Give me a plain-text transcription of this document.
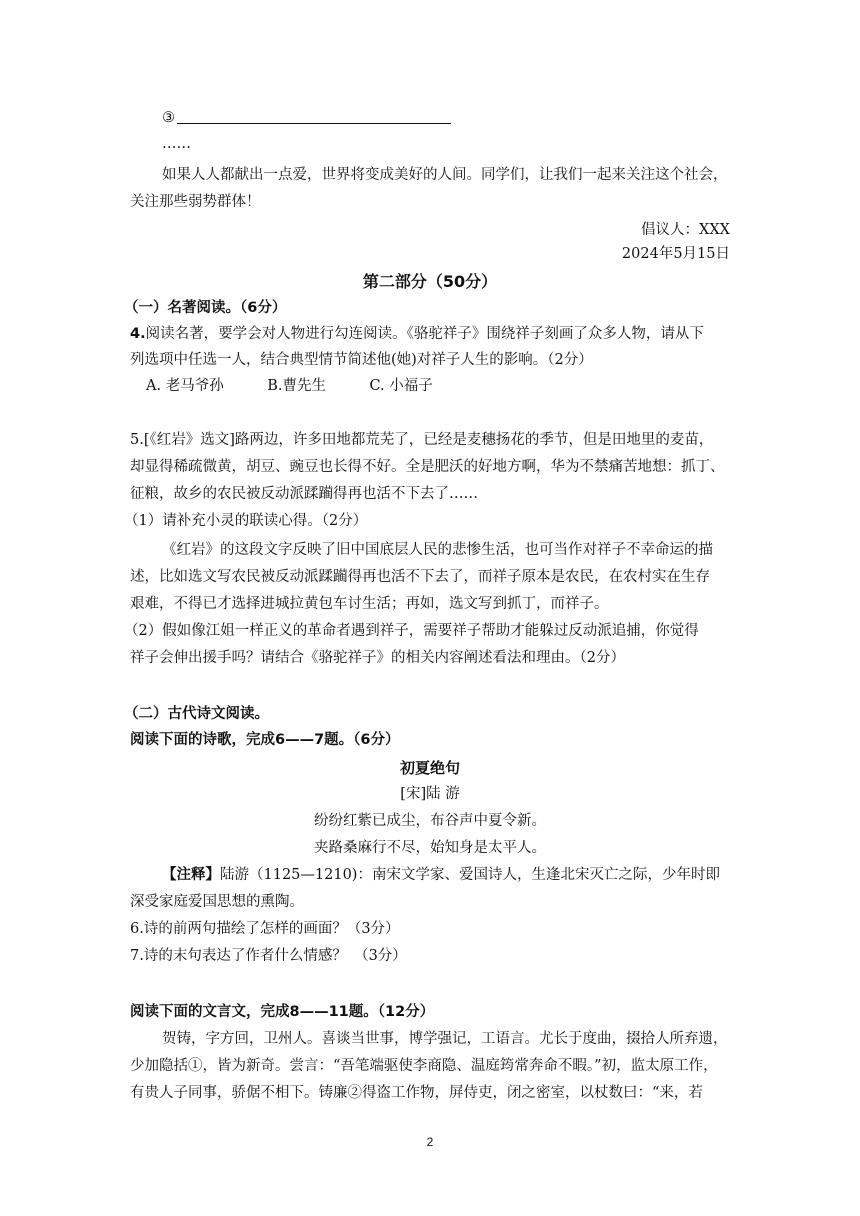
③
……
如果人人都献出一点爱，世界将变成美好的人间。同学们，让我们一起来关注这个社会，
关注那些弱势群体！
倡议人：XXX
2024年5月15日
第二部分（50分）
（一）名著阅读。（6分）
4.阅读名著，要学会对人物进行勾连阅读。《骆驼祥子》围绕祥子刻画了众多人物，请从下
列选项中任选一人，结合典型情节简述他(她)对祥子人生的影响。（2分）
A. 老马爷孙　　　B.曹先生　　　C. 小福子
5.[《红岩》选文]路两边，许多田地都荒芜了，已经是麦穗扬花的季节，但是田地里的麦苗，
却显得稀疏微黄，胡豆、豌豆也长得不好。全是肥沃的好地方啊，华为不禁痛苦地想：抓丁、
征粮，故乡的农民被反动派蹂躏得再也活不下去了……
（1）请补充小灵的联读心得。（2分）
《红岩》的这段文字反映了旧中国底层人民的悲惨生活，也可当作对祥子不幸命运的描
述，比如选文写农民被反动派蹂躏得再也活不下去了，而祥子原本是农民，在农村实在生存
艰难，不得已才选择进城拉黄包车讨生活；再如，选文写到抓丁，而祥子。
（2）假如像江姐一样正义的革命者遇到祥子，需要祥子帮助才能躲过反动派追捕，你觉得
祥子会伸出援手吗？请结合《骆驼祥子》的相关内容阐述看法和理由。（2分）
（二）古代诗文阅读。
阅读下面的诗歌，完成6——7题。（6分）
初夏绝句
[宋]陆 游
纷纷红紫已成尘，布谷声中夏令新。
夹路桑麻行不尽，始知身是太平人。
【注释】陆游（1125—1210)：南宋文学家、爱国诗人，生逢北宋灭亡之际，少年时即
深受家庭爱国思想的熏陶。
6.诗的前两句描绘了怎样的画面？（3分）
7.诗的末句表达了作者什么情感？　（3分）
阅读下面的文言文，完成8——11题。（12分）
贺铸，字方回，卫州人。喜谈当世事，博学强记，工语言。尤长于度曲，掇拾人所弃遗，
少加隐括①，皆为新奇。尝言：“吾笔端驱使李商隐、温庭筠常奔命不暇。”初，监太原工作，
有贵人子同事，骄倨不相下。铸廉②得盗工作物，屏侍吏，闭之密室，以杖数曰：“来，若
2
